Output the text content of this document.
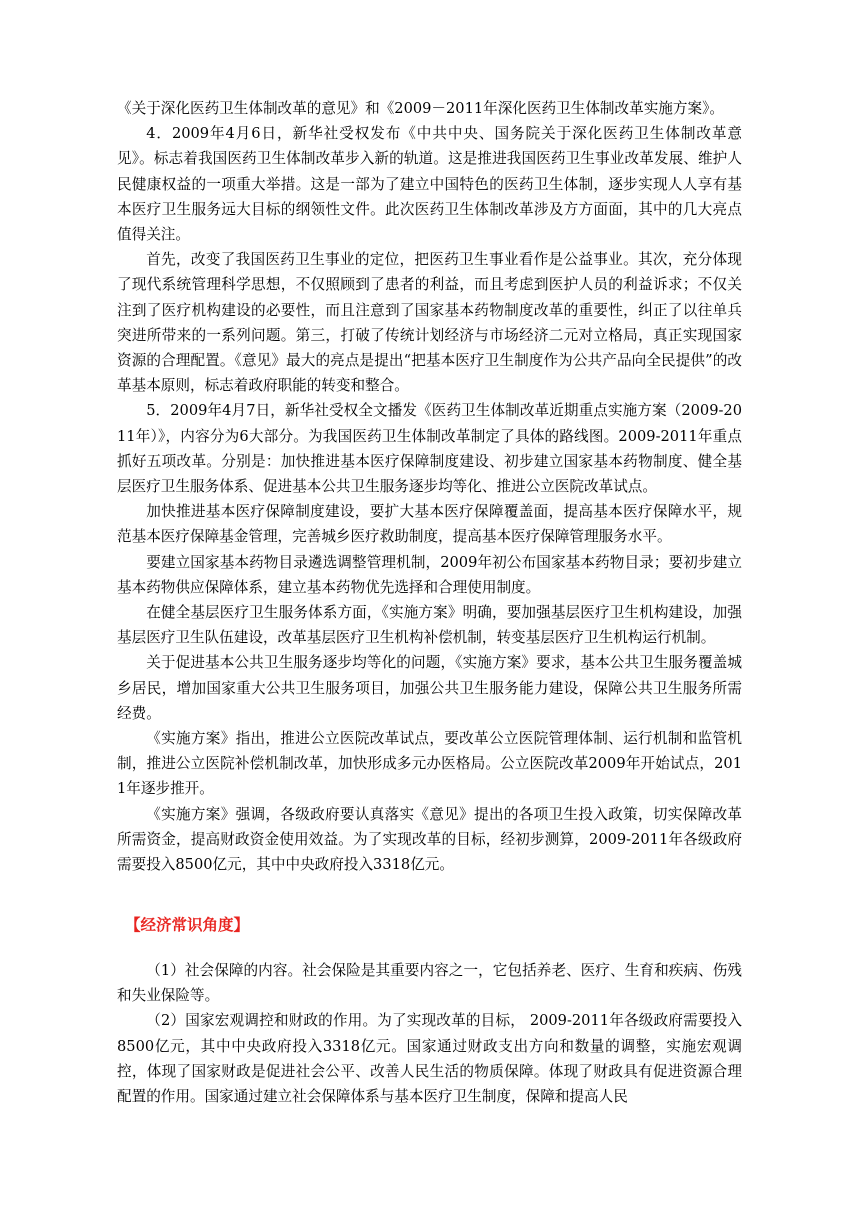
《关于深化医药卫生体制改革的意见》和《2009－2011年深化医药卫生体制改革实施方案》。

4．2009年4月6日，新华社受权发布《中共中央、国务院关于深化医药卫生体制改革意见》。标志着我国医药卫生体制改革步入新的轨道。这是推进我国医药卫生事业改革发展、维护人民健康权益的一项重大举措。这是一部为了建立中国特色的医药卫生体制，逐步实现人人享有基本医疗卫生服务远大目标的纲领性文件。此次医药卫生体制改革涉及方方面面，其中的几大亮点值得关注。

首先，改变了我国医药卫生事业的定位，把医药卫生事业看作是公益事业。其次，充分体现了现代系统管理科学思想，不仅照顾到了患者的利益，而且考虑到医护人员的利益诉求；不仅关注到了医疗机构建设的必要性，而且注意到了国家基本药物制度改革的重要性，纠正了以往单兵突进所带来的一系列问题。第三，打破了传统计划经济与市场经济二元对立格局，真正实现国家资源的合理配置。《意见》最大的亮点是提出“把基本医疗卫生制度作为公共产品向全民提供”的改革基本原则，标志着政府职能的转变和整合。

5．2009年4月7日，新华社受权全文播发《医药卫生体制改革近期重点实施方案（2009-2011年）》，内容分为6大部分。为我国医药卫生体制改革制定了具体的路线图。2009-2011年重点抓好五项改革。分别是：加快推进基本医疗保障制度建设、初步建立国家基本药物制度、健全基层医疗卫生服务体系、促进基本公共卫生服务逐步均等化、推进公立医院改革试点。

加快推进基本医疗保障制度建设，要扩大基本医疗保障覆盖面，提高基本医疗保障水平，规范基本医疗保障基金管理，完善城乡医疗救助制度，提高基本医疗保障管理服务水平。

要建立国家基本药物目录遴选调整管理机制，2009年初公布国家基本药物目录；要初步建立基本药物供应保障体系，建立基本药物优先选择和合理使用制度。

在健全基层医疗卫生服务体系方面，《实施方案》明确，要加强基层医疗卫生机构建设，加强基层医疗卫生队伍建设，改革基层医疗卫生机构补偿机制，转变基层医疗卫生机构运行机制。

关于促进基本公共卫生服务逐步均等化的问题，《实施方案》要求，基本公共卫生服务覆盖城乡居民，增加国家重大公共卫生服务项目，加强公共卫生服务能力建设，保障公共卫生服务所需经费。

《实施方案》指出，推进公立医院改革试点，要改革公立医院管理体制、运行机制和监管机制，推进公立医院补偿机制改革，加快形成多元办医格局。公立医院改革2009年开始试点，2011年逐步推开。

《实施方案》强调，各级政府要认真落实《意见》提出的各项卫生投入政策，切实保障改革所需资金，提高财政资金使用效益。为了实现改革的目标，经初步测算，2009-2011年各级政府需要投入8500亿元，其中中央政府投入3318亿元。

【经济常识角度】

（1）社会保障的内容。社会保险是其重要内容之一，它包括养老、医疗、生育和疾病、伤残和失业保险等。

（2）国家宏观调控和财政的作用。为了实现改革的目标， 2009-2011年各级政府需要投入8500亿元，其中中央政府投入3318亿元。国家通过财政支出方向和数量的调整，实施宏观调控，体现了国家财政是促进社会公平、改善人民生活的物质保障。体现了财政具有促进资源合理配置的作用。国家通过建立社会保障体系与基本医疗卫生制度，保障和提高人民
